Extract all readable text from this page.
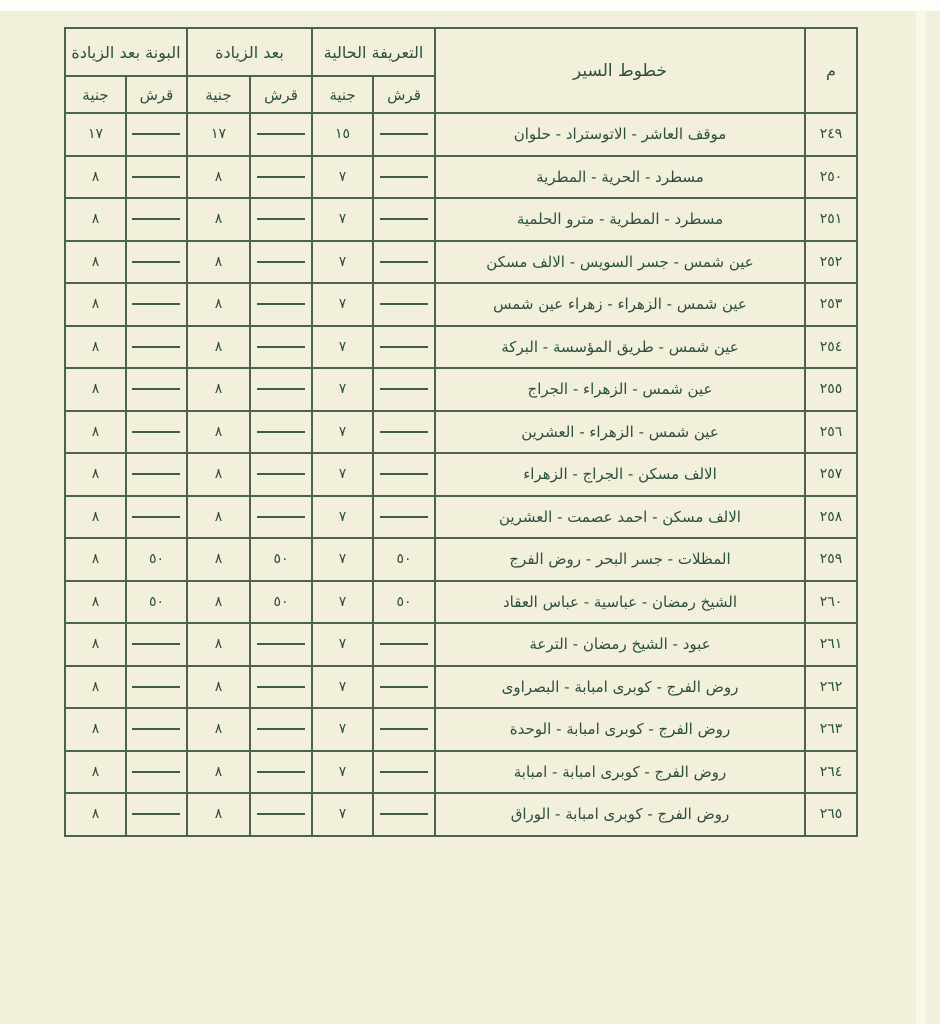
م	خطوط السير	التعريفة الحالية		بعد الزيادة		البونة بعد الزيادة	
		قرش	جنية	قرش	جنية	قرش	جنية
٢٤٩	موقف العاشر - الاتوستراد - حلوان		١٥		١٧		١٧
٢٥٠	مسطرد - الحرية - المطرية		٧		٨		٨
٢٥١	مسطرد - المطرية - مترو الحلمية		٧		٨		٨
٢٥٢	عين شمس - جسر السويس - الالف مسكن		٧		٨		٨
٢٥٣	عين شمس - الزهراء - زهراء عين شمس		٧		٨		٨
٢٥٤	عين شمس - طريق المؤسسة - البركة		٧		٨		٨
٢٥٥	عين شمس - الزهراء - الجراج		٧		٨		٨
٢٥٦	عين شمس - الزهراء - العشرين		٧		٨		٨
٢٥٧	الالف مسكن - الجراج - الزهراء		٧		٨		٨
٢٥٨	الالف مسكن - احمد عصمت - العشرين		٧		٨		٨
٢٥٩	المظلات - جسر البحر - روض الفرج	٥٠	٧	٥٠	٨	٥٠	٨
٢٦٠	الشيخ رمضان - عباسية - عباس العقاد	٥٠	٧	٥٠	٨	٥٠	٨
٢٦١	عبود - الشيخ رمضان - الترعة		٧		٨		٨
٢٦٢	روض الفرج - كوبرى امبابة - البصراوى		٧		٨		٨
٢٦٣	روض الفرج - كوبرى امبابة - الوحدة		٧		٨		٨
٢٦٤	روض الفرج - كوبرى امبابة - امبابة		٧		٨		٨
٢٦٥	روض الفرج - كوبرى امبابة - الوراق		٧		٨		٨
